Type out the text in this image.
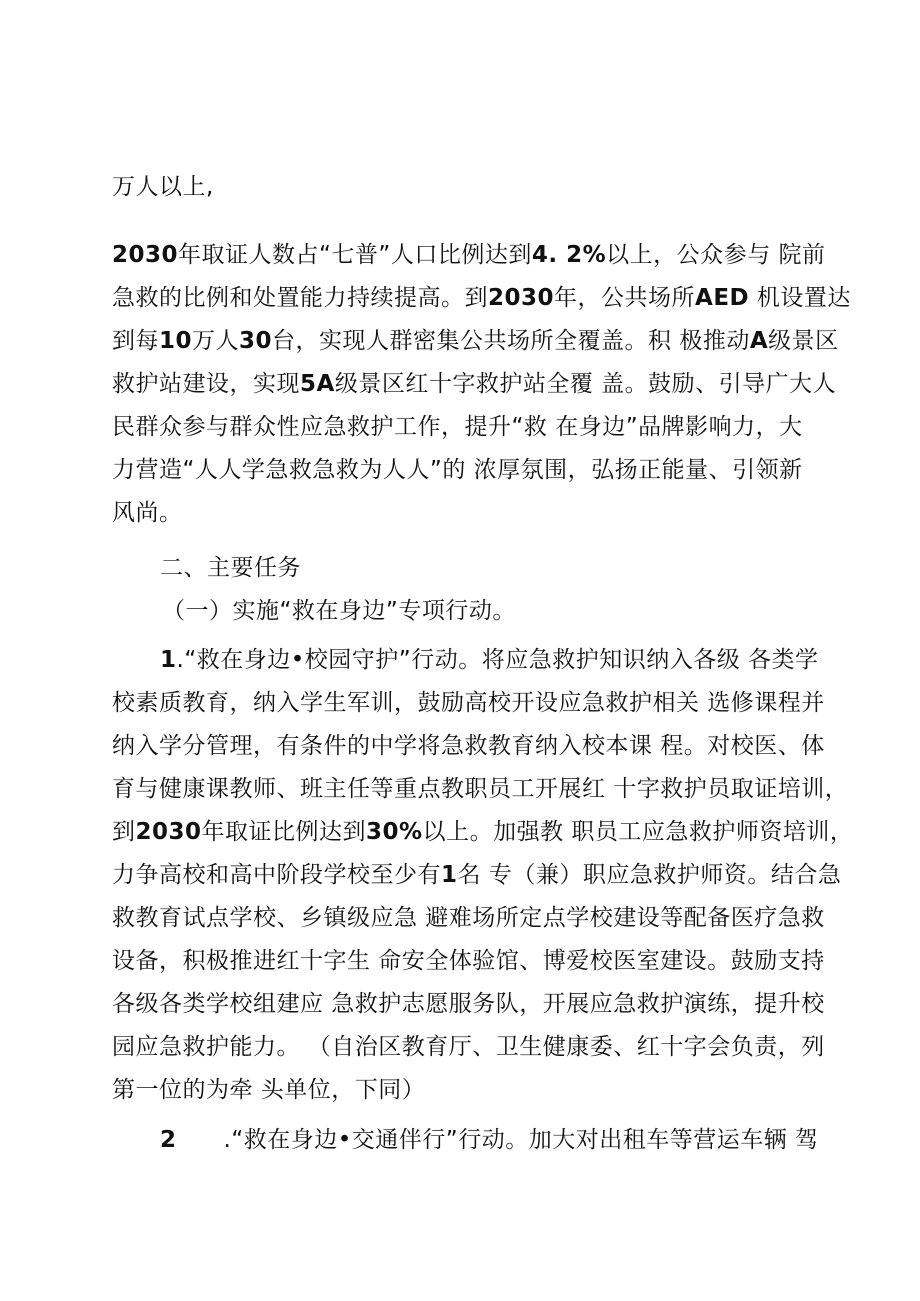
万人以上,
2030年取证人数占“七普”人口比例达到4. 2%以上，公众参与 院前
急救的比例和处置能力持续提高。到2030年，公共场所AED 机设置达
到每10万人30台，实现人群密集公共场所全覆盖。积 极推动A级景区
救护站建设，实现5A级景区红十字救护站全覆 盖。鼓励、引导广大人
民群众参与群众性应急救护工作，提升“救 在身边”品牌影响力，大
力营造“人人学急救急救为人人”的 浓厚氛围，弘扬正能量、引领新
风尚。
二、主要任务
（一）实施“救在身边”专项行动。
1.“救在身边•校园守护”行动。将应急救护知识纳入各级 各类学
校素质教育，纳入学生军训，鼓励高校开设应急救护相关 选修课程并
纳入学分管理，有条件的中学将急救教育纳入校本课 程。对校医、体
育与健康课教师、班主任等重点教职员工开展红 十字救护员取证培训，
到2030年取证比例达到30%以上。加强教 职员工应急救护师资培训，
力争高校和高中阶段学校至少有1名 专（兼）职应急救护师资。结合急
救教育试点学校、乡镇级应急 避难场所定点学校建设等配备医疗急救
设备，积极推进红十字生 命安全体验馆、博爱校医室建设。鼓励支持
各级各类学校组建应 急救护志愿服务队，开展应急救护演练，提升校
园应急救护能力。 （自治区教育厅、卫生健康委、红十字会负责，列
第一位的为牵 头单位，下同）
2　　.“救在身边•交通伴行”行动。加大对出租车等营运车辆 驾
